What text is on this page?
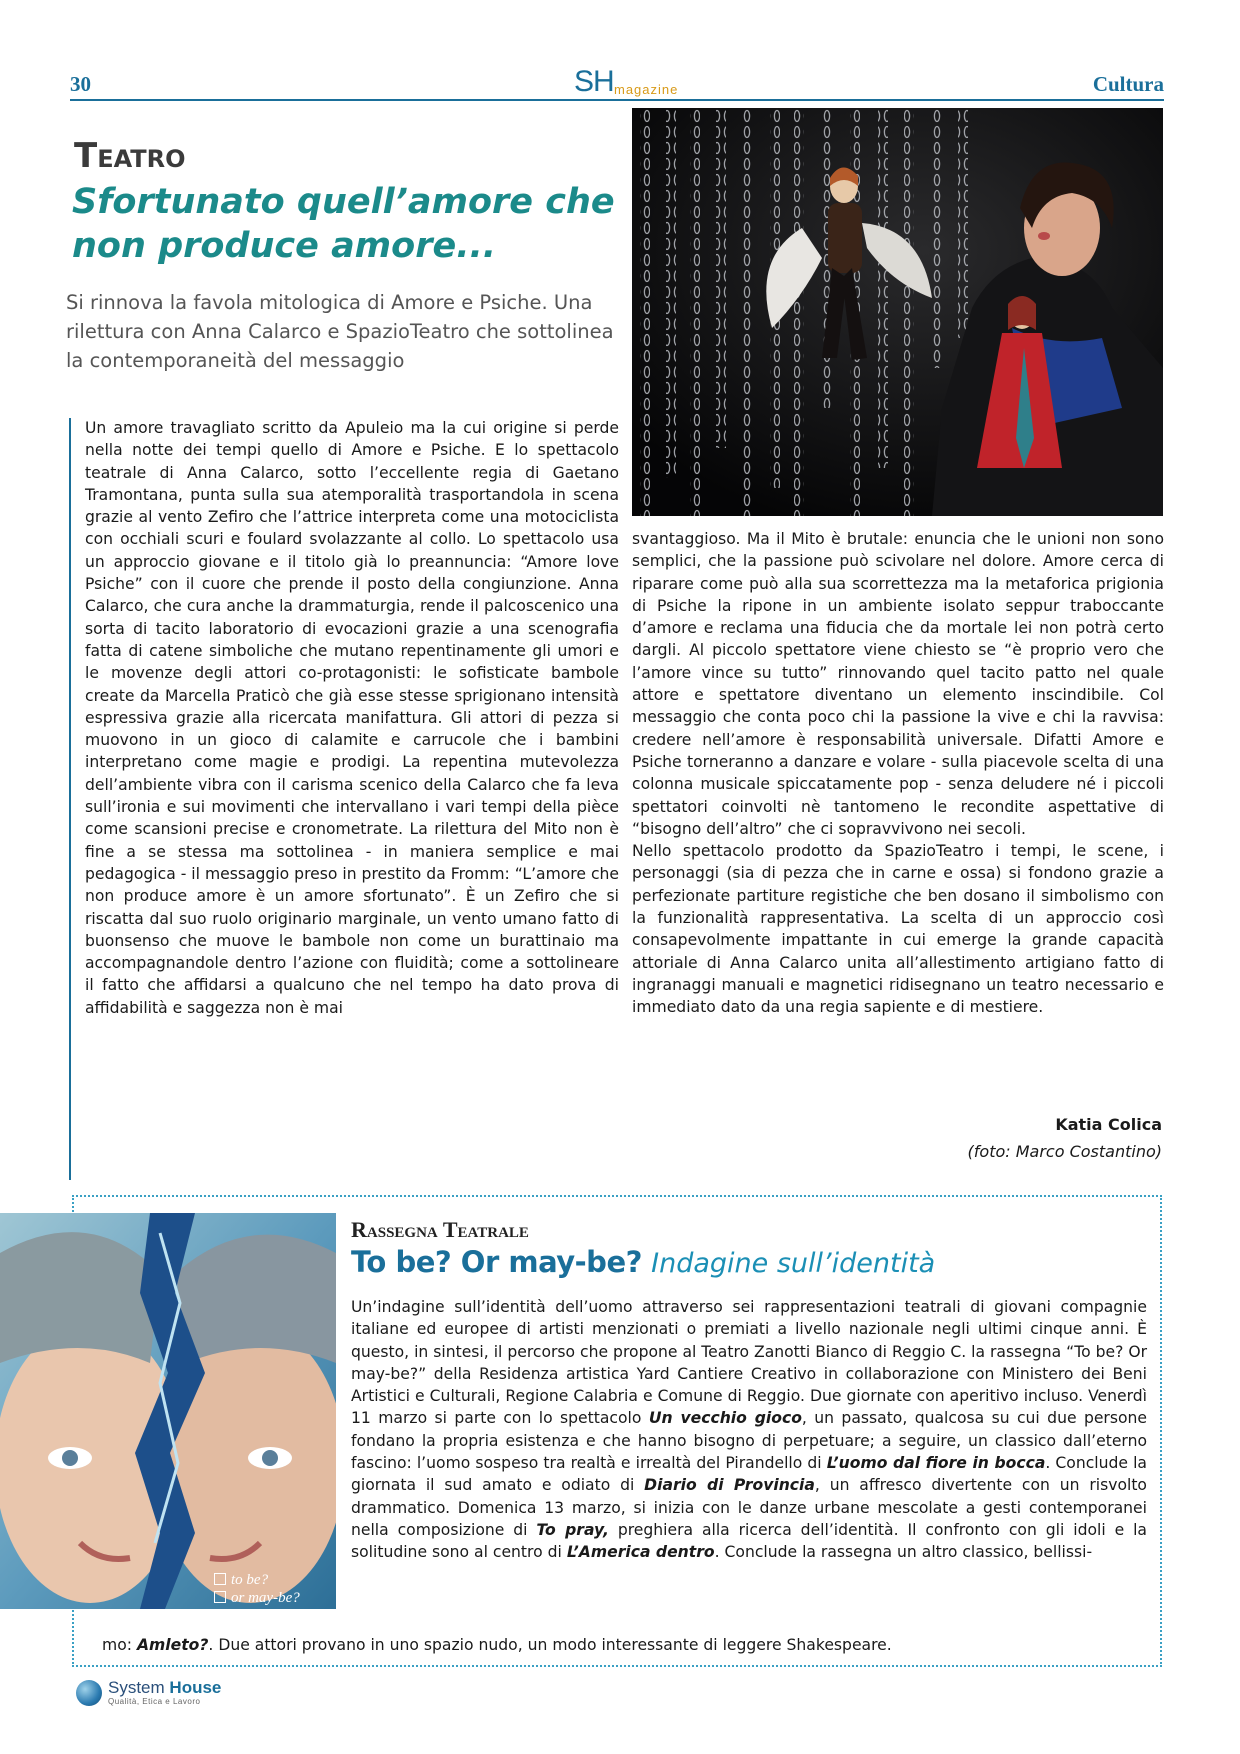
30	SH magazine	Cultura
Teatro
Sfortunato quell’amore che non produce amore...
Si rinnova la favola mitologica di Amore e Psiche. Una rilettura con Anna Calarco e SpazioTeatro che sottolinea la contemporaneità del messaggio
Un amore travagliato scritto da Apuleio ma la cui origine si perde nella notte dei tempi quello di Amore e Psiche. E lo spettacolo teatrale di Anna Calarco, sotto l’eccellente regia di Gaetano Tramontana, punta sulla sua atemporalità trasportandola in scena grazie al vento Zefiro che l’attrice interpreta come una motociclista con occhiali scuri e foulard svolazzante al collo. Lo spettacolo usa un approccio giovane e il titolo già lo preannuncia: “Amore love Psiche” con il cuore che prende il posto della congiunzione. Anna Calarco, che cura anche la drammaturgia, rende il palcoscenico una sorta di tacito laboratorio di evocazioni grazie a una scenografia fatta di catene simboliche che mutano repentinamente gli umori e le movenze degli attori co-protagonisti: le sofisticate bambole create da Marcella Praticò che già esse stesse sprigionano intensità espressiva grazie alla ricercata manifattura. Gli attori di pezza si muovono in un gioco di calamite e carrucole che i bambini interpretano come magie e prodigi. La repentina mutevolezza dell’ambiente vibra con il carisma scenico della Calarco che fa leva sull’ironia e sui movimenti che intervallano i vari tempi della pièce come scansioni precise e cronometrate. La rilettura del Mito non è fine a se stessa ma sottolinea - in maniera semplice e mai pedagogica - il messaggio preso in prestito da Fromm: “L’amore che non produce amore è un amore sfortunato”. È un Zefiro che si riscatta dal suo ruolo originario marginale, un vento umano fatto di buonsenso che muove le bambole non come un burattinaio ma accompagnandole dentro l’azione con fluidità; come a sottolineare il fatto che affidarsi a qualcuno che nel tempo ha dato prova di affidabilità e saggezza non è mai
svantaggioso. Ma il Mito è brutale: enuncia che le unioni non sono semplici, che la passione può scivolare nel dolore. Amore cerca di riparare come può alla sua scorrettezza ma la metaforica prigionia di Psiche la ripone in un ambiente isolato seppur traboccante d’amore e reclama una fiducia che da mortale lei non potrà certo dargli. Al piccolo spettatore viene chiesto se “è proprio vero che l’amore vince su tutto” rinnovando quel tacito patto nel quale attore e spettatore diventano un elemento inscindibile. Col messaggio che conta poco chi la passione la vive e chi la ravvisa: credere nell’amore è responsabilità universale. Difatti Amore e Psiche torneranno a danzare e volare - sulla piacevole scelta di una colonna musicale spiccatamente pop - senza deludere né i piccoli spettatori coinvolti nè tantomeno le recondite aspettative di “bisogno dell’altro” che ci sopravvivono nei secoli.
Nello spettacolo prodotto da SpazioTeatro i tempi, le scene, i personaggi (sia di pezza che in carne e ossa) si fondono grazie a perfezionate partiture registiche che ben dosano il simbolismo con la funzionalità rappresentativa. La scelta di un approccio così consapevolmente impattante in cui emerge la grande capacità attoriale di Anna Calarco unita all’allestimento artigiano fatto di ingranaggi manuali e magnetici ridisegnano un teatro necessario e immediato dato da una regia sapiente e di mestiere.
Katia Colica
(foto: Marco Costantino)
to be?
or may-be?
Rassegna Teatrale
To be? Or may-be? Indagine sull’identità
Un’indagine sull’identità dell’uomo attraverso sei rappresentazioni teatrali di giovani compagnie italiane ed europee di artisti menzionati o premiati a livello nazionale negli ultimi cinque anni. È questo, in sintesi, il percorso che propone al Teatro Zanotti Bianco di Reggio C. la rassegna “To be? Or may-be?” della Residenza artistica Yard Cantiere Creativo in collaborazione con Ministero dei Beni Artistici e Culturali, Regione Calabria e Comune di Reggio. Due giornate con aperitivo incluso. Venerdì 11 marzo si parte con lo spettacolo Un vecchio gioco, un passato, qualcosa su cui due persone fondano la propria esistenza e che hanno bisogno di perpetuare; a seguire, un classico dall’eterno fascino: l’uomo sospeso tra realtà e irrealtà del Pirandello di L’uomo dal fiore in bocca. Conclude la giornata il sud amato e odiato di Diario di Provincia, un affresco divertente con un risvolto drammatico. Domenica 13 marzo, si inizia con le danze urbane mescolate a gesti contemporanei nella composizione di To pray, preghiera alla ricerca dell’identità. Il confronto con gli idoli e la solitudine sono al centro di L’America dentro. Conclude la rassegna un altro classico, bellissi-
mo: Amleto?. Due attori provano in uno spazio nudo, un modo interessante di leggere Shakespeare.
System House
Qualità, Etica e Lavoro
